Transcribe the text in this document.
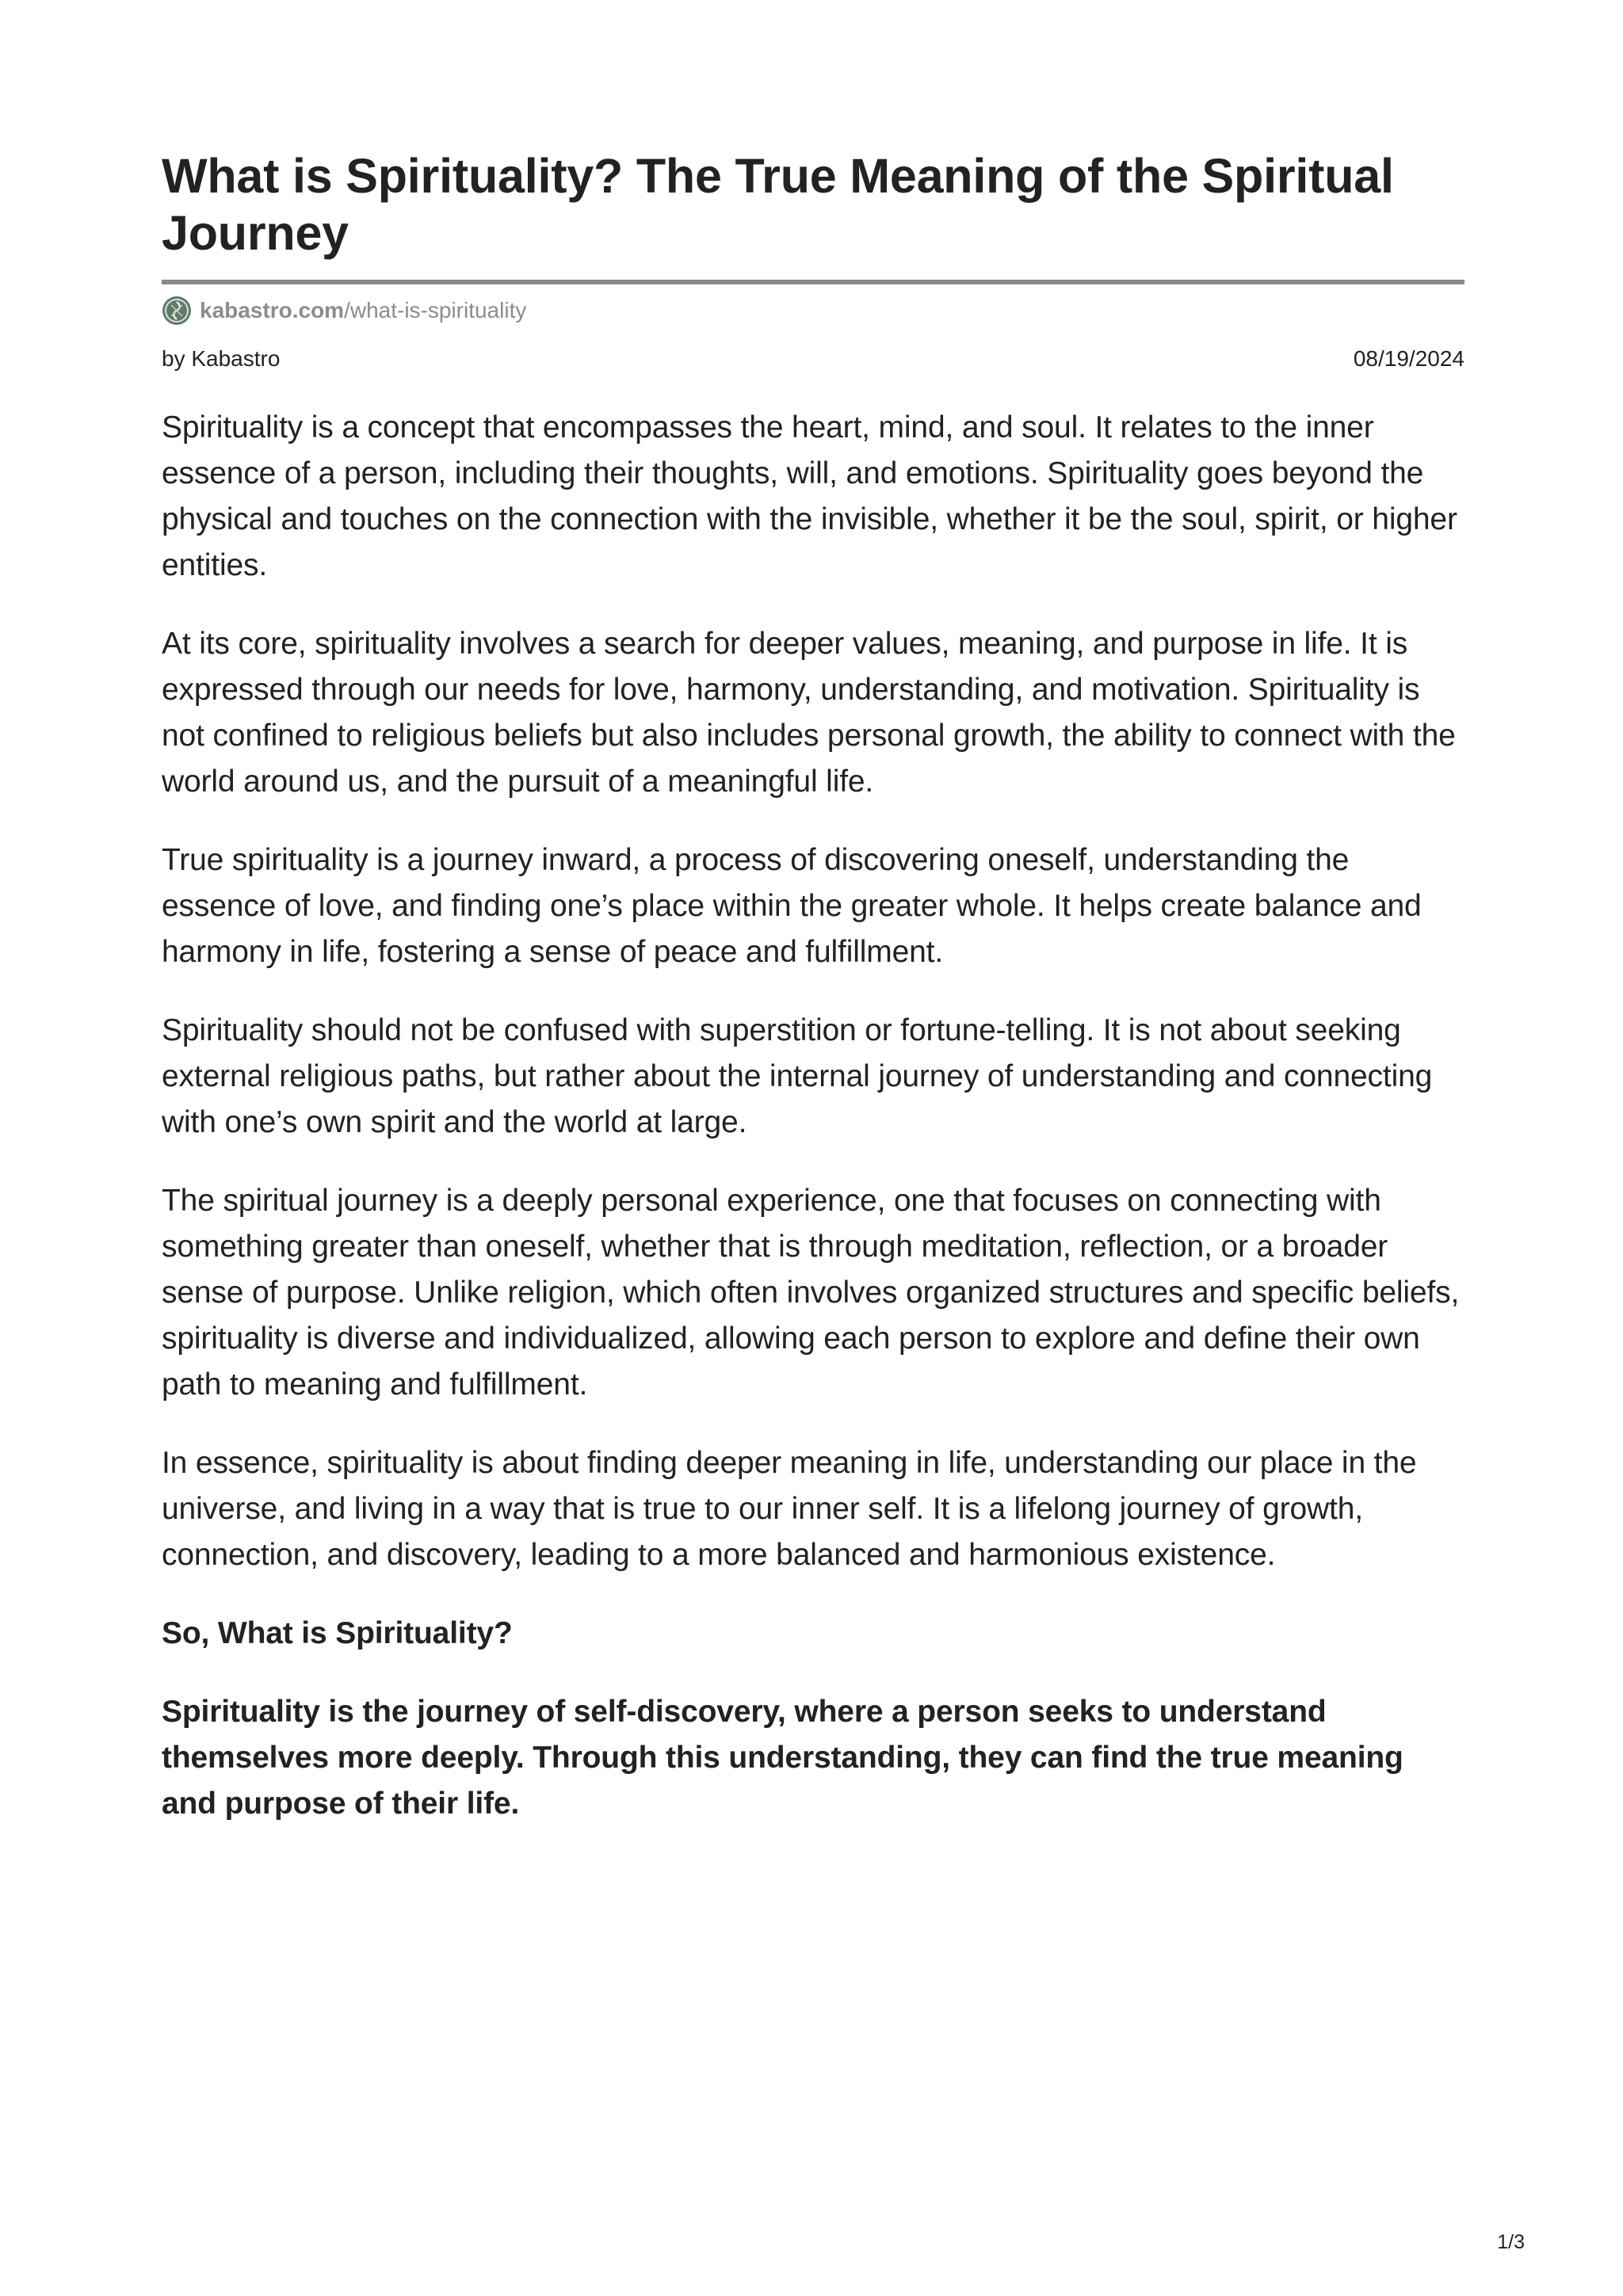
What is Spirituality? The True Meaning of the Spiritual Journey
kabastro.com /what-is-spirituality
by Kabastro	08/19/2024

Spirituality is a concept that encompasses the heart, mind, and soul. It relates to the inner essence of a person, including their thoughts, will, and emotions. Spirituality goes beyond the physical and touches on the connection with the invisible, whether it be the soul, spirit, or higher entities.

At its core, spirituality involves a search for deeper values, meaning, and purpose in life. It is expressed through our needs for love, harmony, understanding, and motivation. Spirituality is not confined to religious beliefs but also includes personal growth, the ability to connect with the world around us, and the pursuit of a meaningful life.

True spirituality is a journey inward, a process of discovering oneself, understanding the essence of love, and finding one’s place within the greater whole. It helps create balance and harmony in life, fostering a sense of peace and fulfillment.

Spirituality should not be confused with superstition or fortune-telling. It is not about seeking external religious paths, but rather about the internal journey of understanding and connecting with one’s own spirit and the world at large.

The spiritual journey is a deeply personal experience, one that focuses on connecting with something greater than oneself, whether that is through meditation, reflection, or a broader sense of purpose. Unlike religion, which often involves organized structures and specific beliefs, spirituality is diverse and individualized, allowing each person to explore and define their own path to meaning and fulfillment.

In essence, spirituality is about finding deeper meaning in life, understanding our place in the universe, and living in a way that is true to our inner self. It is a lifelong journey of growth, connection, and discovery, leading to a more balanced and harmonious existence.

So, What is Spirituality?

Spirituality is the journey of self-discovery, where a person seeks to understand themselves more deeply. Through this understanding, they can find the true meaning and purpose of their life.

1/3
